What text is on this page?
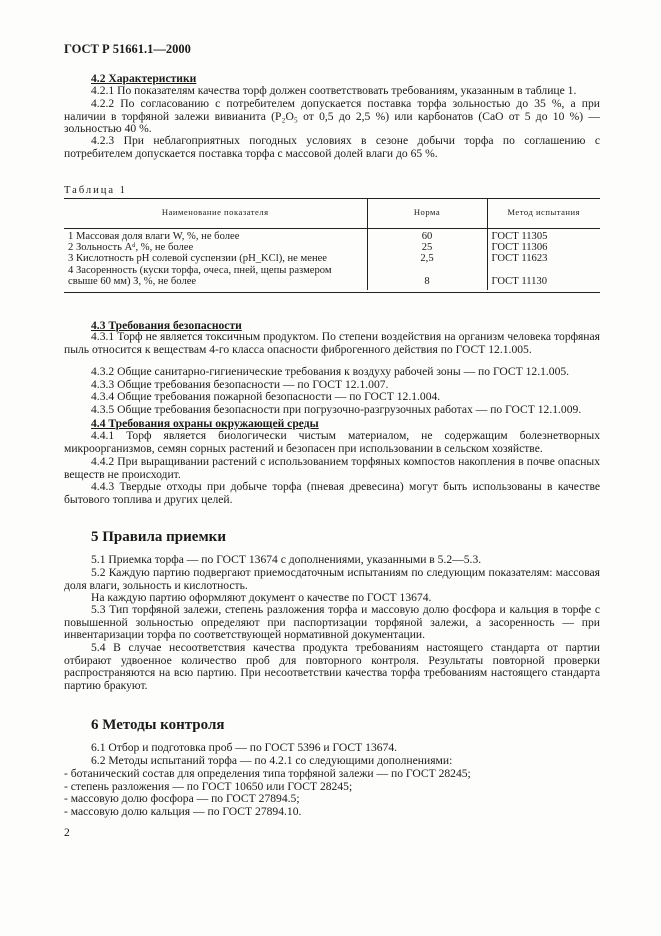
ГОСТ Р 51661.1—2000
4.2 Характеристики
4.2.1 По показателям качества торф должен соответствовать требованиям, указанным в таблице 1.
4.2.2 По согласованию с потребителем допускается поставка торфа зольностью до 35 %, а при наличии в торфяной залежи вивианита (P₂O₅ от 0,5 до 2,5 %) или карбонатов (CaO от 5 до 10 %) — зольностью 40 %.
4.2.3 При неблагоприятных погодных условиях в сезоне добычи торфа по соглашению с потребителем допускается поставка торфа с массовой долей влаги до 65 %.
Таблица 1
Наименование показателя	Норма	Метод испытания

1 Массовая доля влаги W, %, не более	60	ГОСТ 11305
2 Зольность Aᵈ, %, не более	25	ГОСТ 11306
3 Кислотность pH солевой суспензии (pH_KCl), не менее	2,5	ГОСТ 11623
4 Засоренность (куски торфа, очеса, пней, щепы размером свыше 60 мм) З, %, не более	8	ГОСТ 11130
4.3 Требования безопасности
4.3.1 Торф не является токсичным продуктом. По степени воздействия на организм человека торфяная пыль относится к веществам 4-го класса опасности фиброгенного действия по ГОСТ 12.1.005.
4.3.2 Общие санитарно-гигиенические требования к воздуху рабочей зоны — по ГОСТ 12.1.005.
4.3.3 Общие требования безопасности — по ГОСТ 12.1.007.
4.3.4 Общие требования пожарной безопасности — по ГОСТ 12.1.004.
4.3.5 Общие требования безопасности при погрузочно-разгрузочных работах — по ГОСТ 12.1.009.
4.4 Требования охраны окружающей среды
4.4.1 Торф является биологически чистым материалом, не содержащим болезнетворных микроорганизмов, семян сорных растений и безопасен при использовании в сельском хозяйстве.
4.4.2 При выращивании растений с использованием торфяных компостов накопления в почве опасных веществ не происходит.
4.4.3 Твердые отходы при добыче торфа (пневая древесина) могут быть использованы в качестве бытового топлива и других целей.
5 Правила приемки
5.1 Приемка торфа — по ГОСТ 13674 с дополнениями, указанными в 5.2—5.3.
5.2 Каждую партию подвергают приемосдаточным испытаниям по следующим показателям: массовая доля влаги, зольность и кислотность.
На каждую партию оформляют документ о качестве по ГОСТ 13674.
5.3 Тип торфяной залежи, степень разложения торфа и массовую долю фосфора и кальция в торфе с повышенной зольностью определяют при паспортизации торфяной залежи, а засоренность — при инвентаризации торфа по соответствующей нормативной документации.
5.4 В случае несоответствия качества продукта требованиям настоящего стандарта от партии отбирают удвоенное количество проб для повторного контроля. Результаты повторной проверки распространяются на всю партию. При несоответствии качества торфа требованиям настоящего стандарта партию бракуют.
6 Методы контроля
6.1 Отбор и подготовка проб — по ГОСТ 5396 и ГОСТ 13674.
6.2 Методы испытаний торфа — по 4.2.1 со следующими дополнениями:
- ботанический состав для определения типа торфяной залежи — по ГОСТ 28245;
- степень разложения — по ГОСТ 10650 или ГОСТ 28245;
- массовую долю фосфора — по ГОСТ 27894.5;
- массовую долю кальция — по ГОСТ 27894.10.
2
